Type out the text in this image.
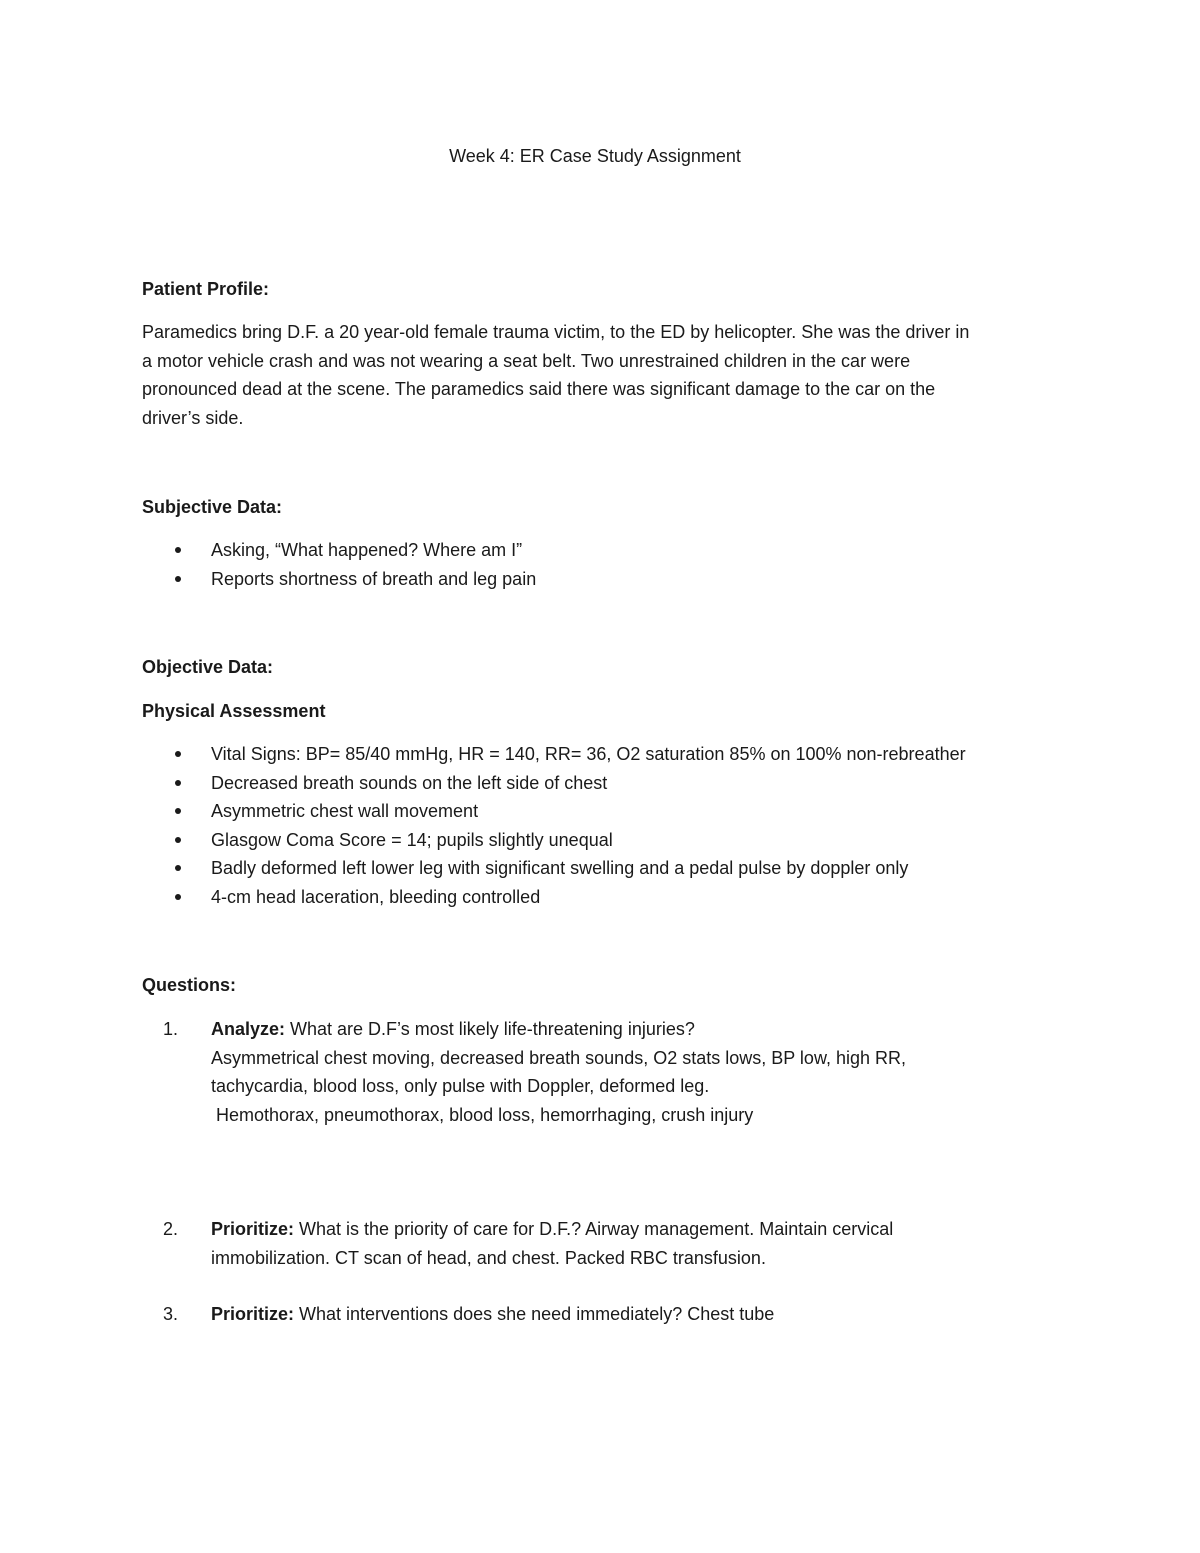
Week 4: ER Case Study Assignment
Patient Profile:
Paramedics bring D.F. a 20 year-old female trauma victim, to the ED by helicopter. She was the driver in
a motor vehicle crash and was not wearing a seat belt. Two unrestrained children in the car were
pronounced dead at the scene. The paramedics said there was significant damage to the car on the
driver’s side.
Subjective Data:
Asking, “What happened? Where am I”
Reports shortness of breath and leg pain
Objective Data:
Physical Assessment
Vital Signs: BP= 85/40 mmHg, HR = 140, RR= 36, O2 saturation 85% on 100% non-rebreather
Decreased breath sounds on the left side of chest
Asymmetric chest wall movement
Glasgow Coma Score = 14; pupils slightly unequal
Badly deformed left lower leg with significant swelling and a pedal pulse by doppler only
4-cm head laceration, bleeding controlled
Questions:
1. Analyze: What are D.F’s most likely life-threatening injuries?
Asymmetrical chest moving, decreased breath sounds, O2 stats lows, BP low, high RR,
tachycardia, blood loss, only pulse with Doppler, deformed leg.
Hemothorax, pneumothorax, blood loss, hemorrhaging, crush injury
2. Prioritize: What is the priority of care for D.F.? Airway management. Maintain cervical
immobilization. CT scan of head, and chest. Packed RBC transfusion.
3. Prioritize: What interventions does she need immediately? Chest tube
